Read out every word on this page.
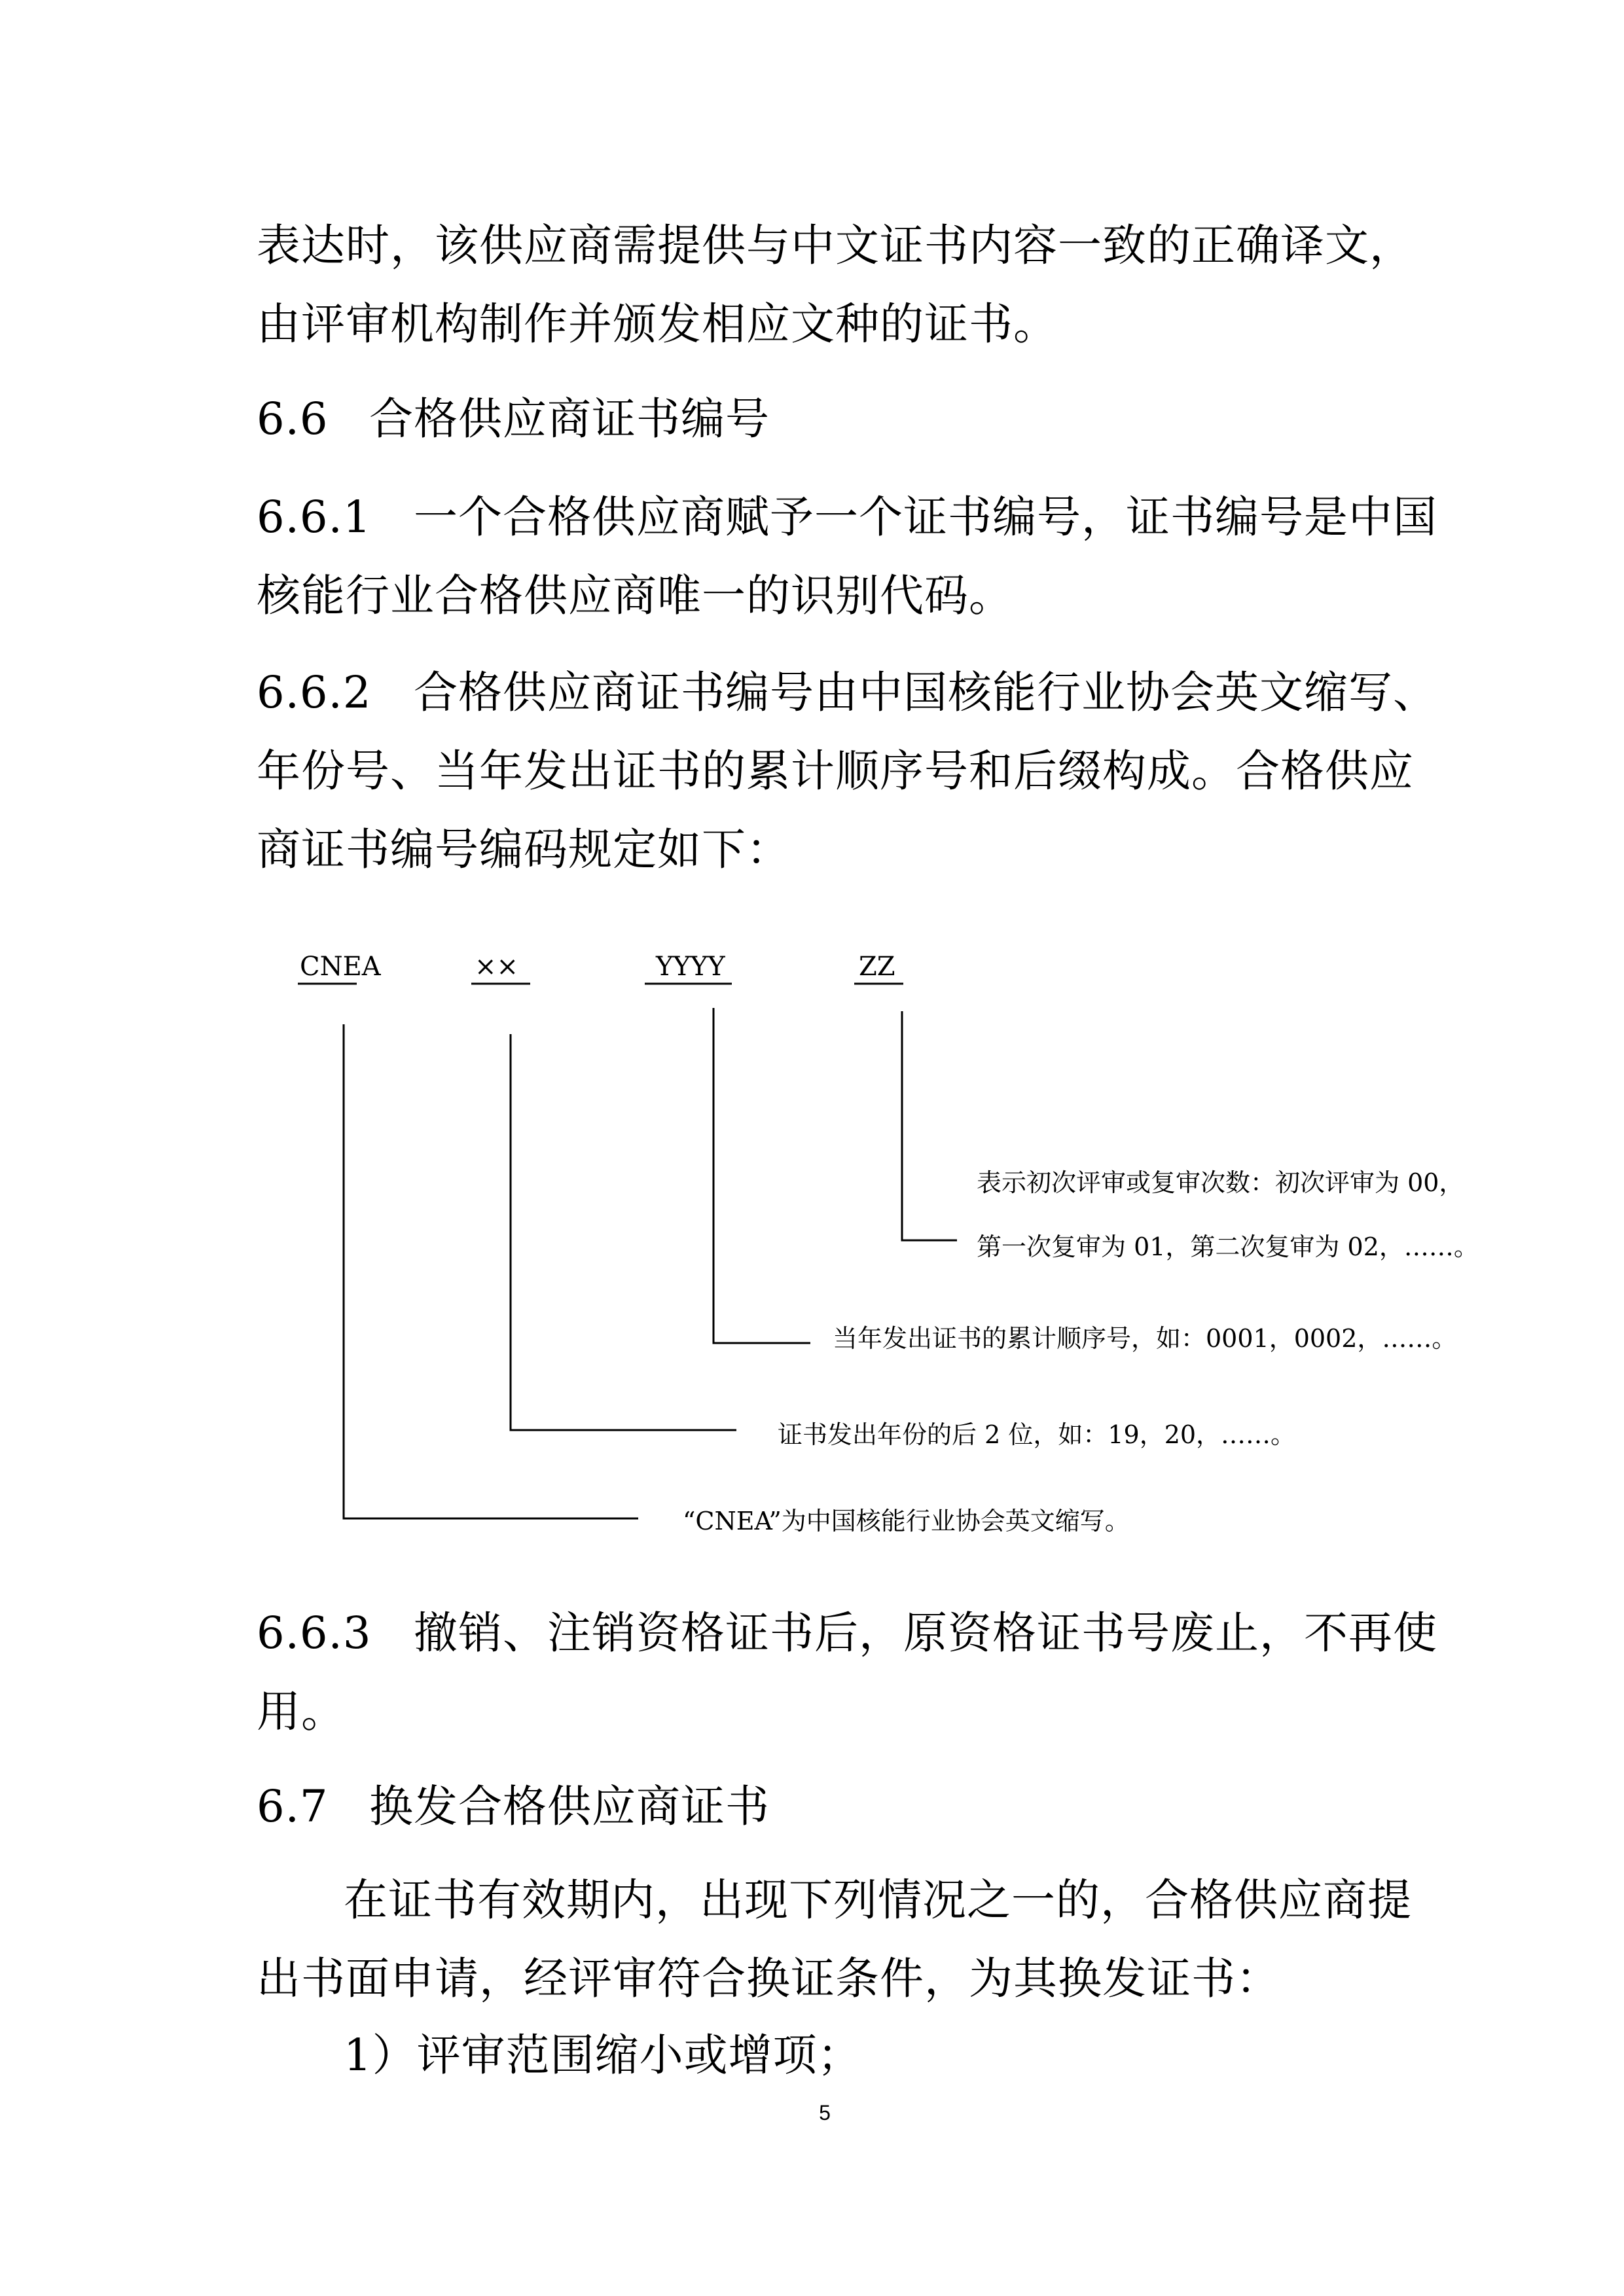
表达时，该供应商需提供与中文证书内容一致的正确译文，
由评审机构制作并颁发相应文种的证书。
6.6 合格供应商证书编号
6.6.1 一个合格供应商赋予一个证书编号，证书编号是中国
核能行业合格供应商唯一的识别代码。
6.6.2 合格供应商证书编号由中国核能行业协会英文缩写、
年份号、当年发出证书的累计顺序号和后缀构成。合格供应
商证书编号编码规定如下：
CNEA	××	YYYY	ZZ
表示初次评审或复审次数：初次评审为 00，
第一次复审为 01，第二次复审为 02，……。
当年发出证书的累计顺序号，如：0001，0002，……。
证书发出年份的后 2 位，如：19，20，……。
“CNEA”为中国核能行业协会英文缩写。
6.6.3 撤销、注销资格证书后，原资格证书号废止，不再使
用。
6.7 换发合格供应商证书
在证书有效期内，出现下列情况之一的，合格供应商提
出书面申请，经评审符合换证条件，为其换发证书：
1）评审范围缩小或增项；
5
